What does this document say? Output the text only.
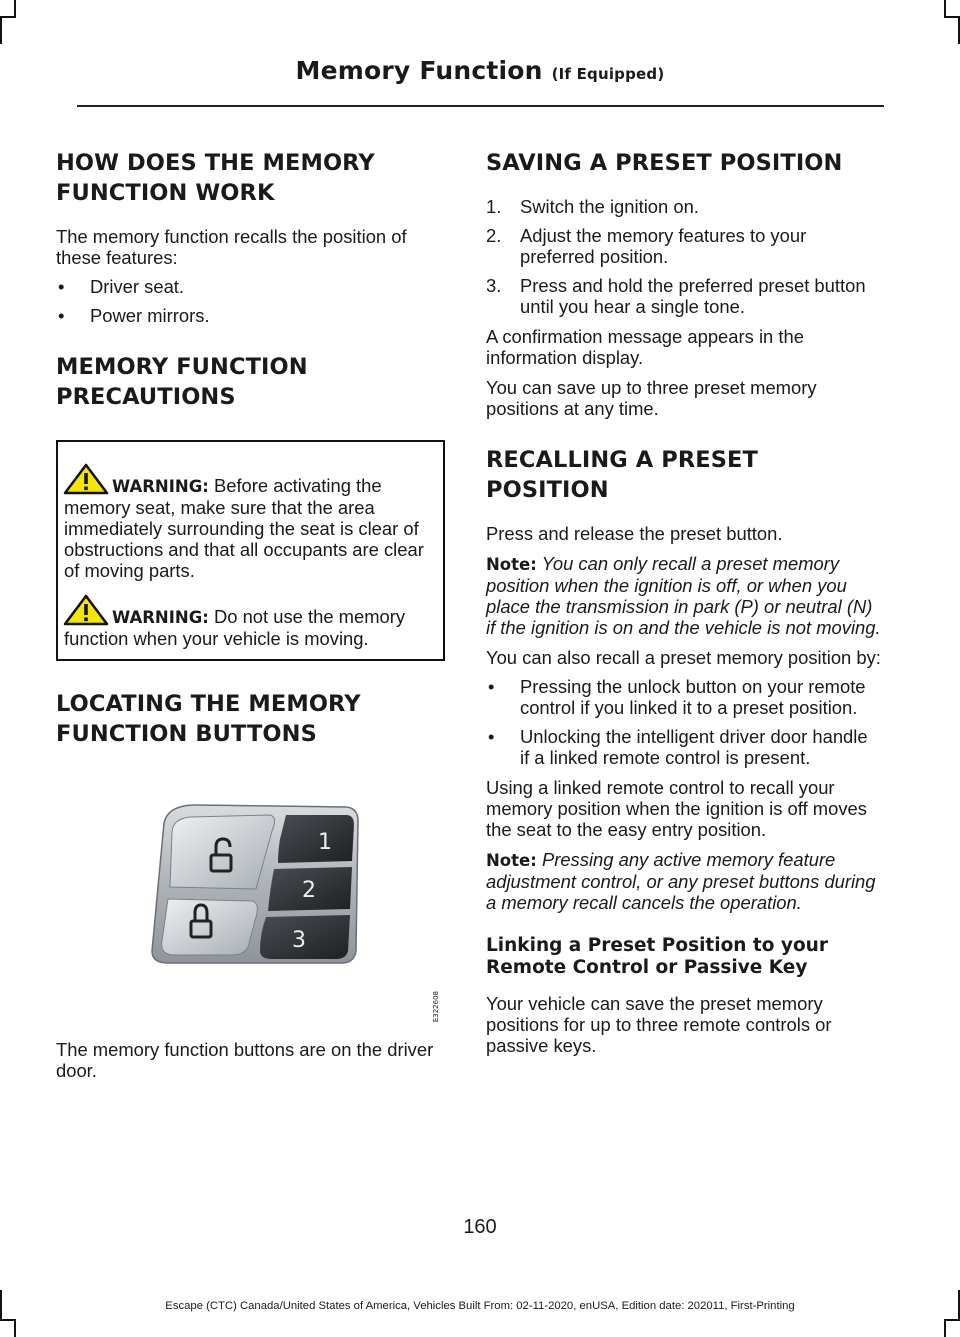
Memory Function (If Equipped)
HOW DOES THE MEMORY
FUNCTION WORK

The memory function recalls the position of these features:

• Driver seat.
• Power mirrors.
MEMORY FUNCTION
PRECAUTIONS

WARNING: Before activating the memory seat, make sure that the area immediately surrounding the seat is clear of obstructions and that all occupants are clear of moving parts.

WARNING: Do not use the memory function when your vehicle is moving.

LOCATING THE MEMORY
FUNCTION BUTTONS
1
2
3
E322608

The memory function buttons are on the driver door.

SAVING A PRESET POSITION
1. Switch the ignition on.
2. Adjust the memory features to your preferred position.
3. Press and hold the preferred preset button until you hear a single tone.

A confirmation message appears in the information display.

You can save up to three preset memory positions at any time.

RECALLING A PRESET
POSITION

Press and release the preset button.

Note: You can only recall a preset memory position when the ignition is off, or when you place the transmission in park (P) or neutral (N) if the ignition is on and the vehicle is not moving.

You can also recall a preset memory position by:

• Pressing the unlock button on your remote control if you linked it to a preset position.
• Unlocking the intelligent driver door handle if a linked remote control is present.

Using a linked remote control to recall your memory position when the ignition is off moves the seat to the easy entry position.

Note: Pressing any active memory feature adjustment control, or any preset buttons during a memory recall cancels the operation.

Linking a Preset Position to your Remote Control or Passive Key

Your vehicle can save the preset memory positions for up to three remote controls or passive keys.

160
Escape (CTC) Canada/United States of America, Vehicles Built From: 02-11-2020, enUSA, Edition date: 202011, First-Printing
